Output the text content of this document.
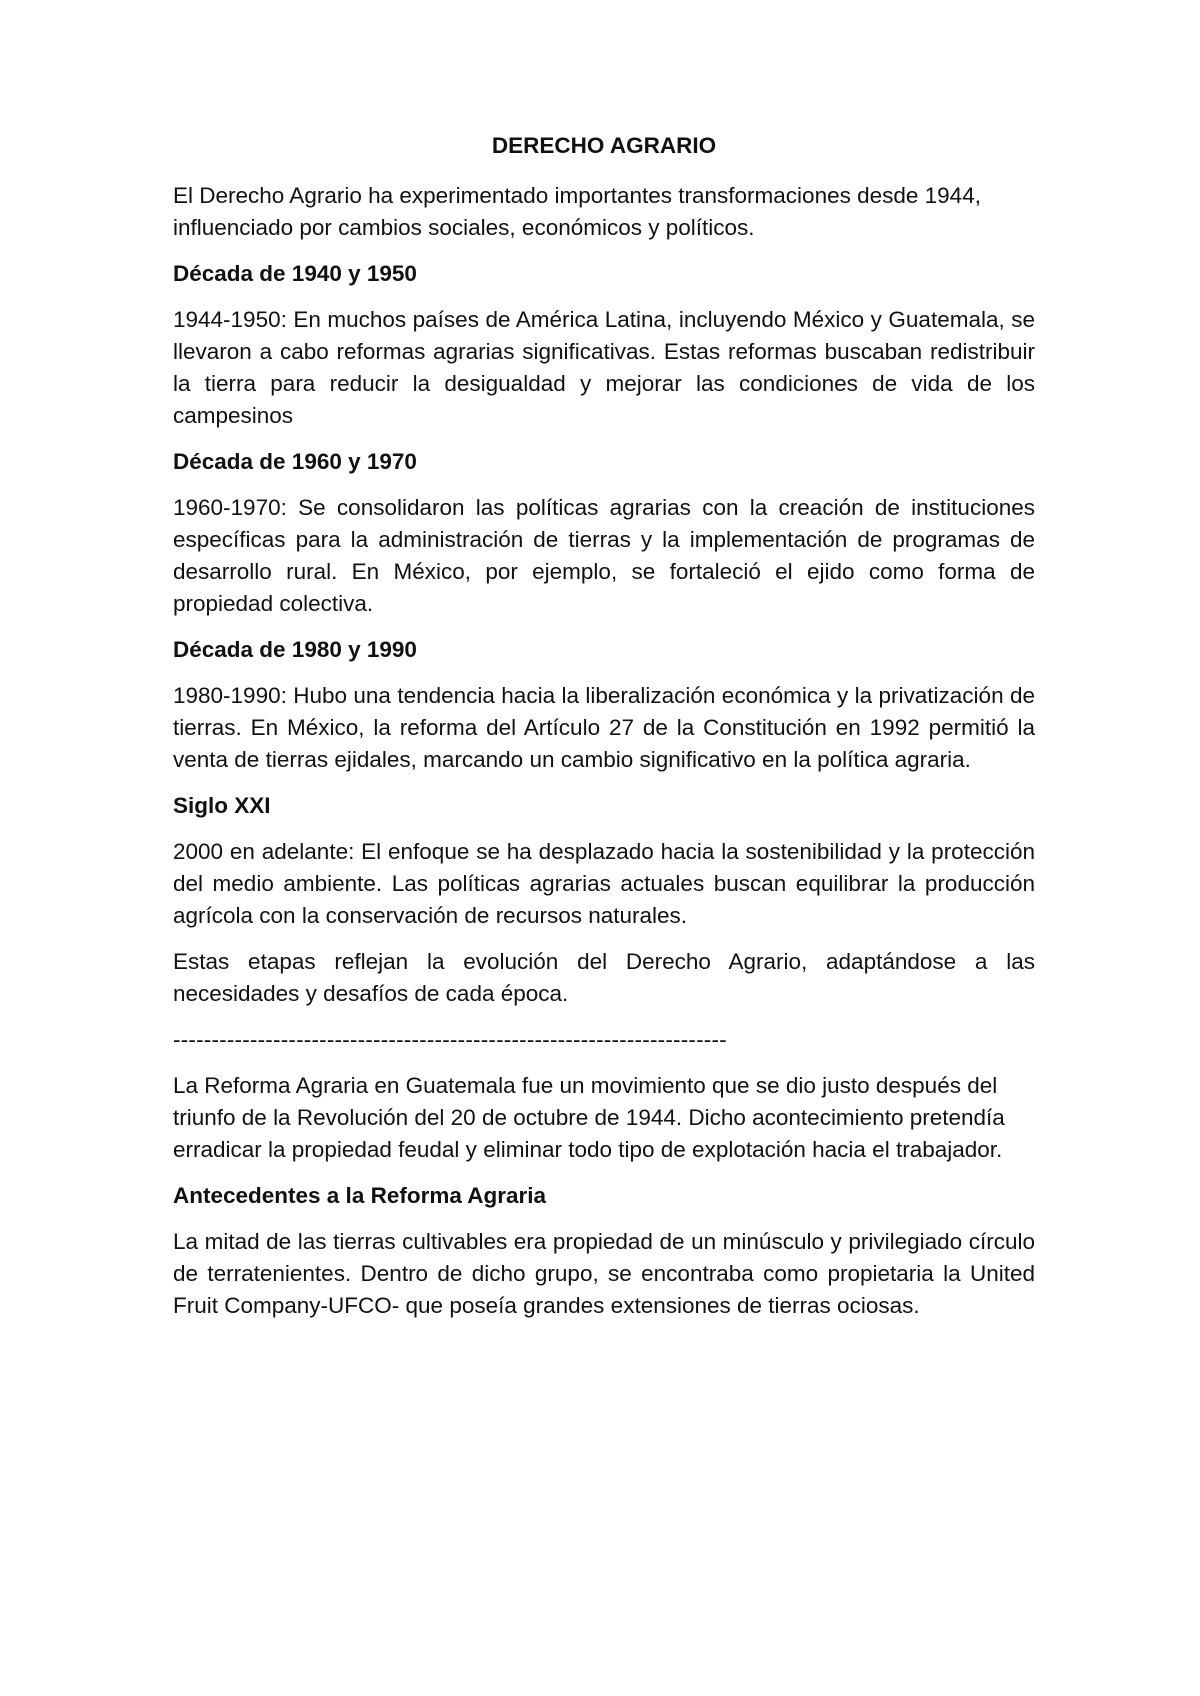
DERECHO AGRARIO
El Derecho Agrario ha experimentado importantes transformaciones desde 1944, influenciado por cambios sociales, económicos y políticos.
Década de 1940 y 1950
1944-1950: En muchos países de América Latina, incluyendo México y Guatemala, se llevaron a cabo reformas agrarias significativas. Estas reformas buscaban redistribuir la tierra para reducir la desigualdad y mejorar las condiciones de vida de los campesinos
Década de 1960 y 1970
1960-1970: Se consolidaron las políticas agrarias con la creación de instituciones específicas para la administración de tierras y la implementación de programas de desarrollo rural. En México, por ejemplo, se fortaleció el ejido como forma de propiedad colectiva.
Década de 1980 y 1990
1980-1990: Hubo una tendencia hacia la liberalización económica y la privatización de tierras. En México, la reforma del Artículo 27 de la Constitución en 1992 permitió la venta de tierras ejidales, marcando un cambio significativo en la política agraria.
Siglo XXI
2000 en adelante: El enfoque se ha desplazado hacia la sostenibilidad y la protección del medio ambiente. Las políticas agrarias actuales buscan equilibrar la producción agrícola con la conservación de recursos naturales.
Estas etapas reflejan la evolución del Derecho Agrario, adaptándose a las necesidades y desafíos de cada época.
------------------------------------------------------------------------
La Reforma Agraria en Guatemala fue un movimiento que se dio justo después del triunfo de la Revolución del 20 de octubre de 1944. Dicho acontecimiento pretendía erradicar la propiedad feudal y eliminar todo tipo de explotación hacia el trabajador.
Antecedentes a la Reforma Agraria
La mitad de las tierras cultivables era propiedad de un minúsculo y privilegiado círculo de terratenientes. Dentro de dicho grupo, se encontraba como propietaria la United Fruit Company-UFCO- que poseía grandes extensiones de tierras ociosas.
